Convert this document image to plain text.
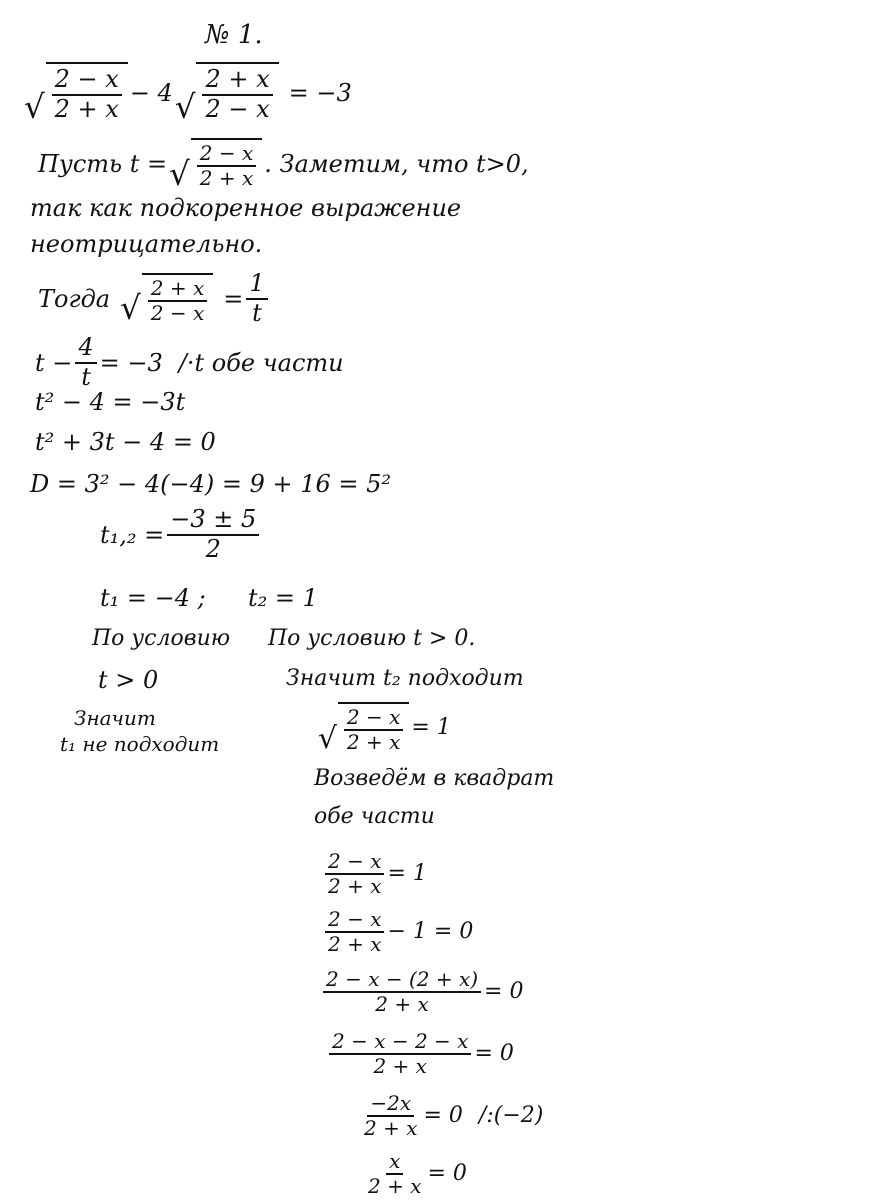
№ 1.
√ $\frac{2 - x}{2 + x} - 4$ √ $\frac{2 + x}{2 - x} = -3$
Пусть t = √ $\frac{2 - x}{2 + x}$ . Заметим, что t>0,
так как подкоренное выражение
неотрицательно.
Тогда √ $\frac{2 + x}{2 - x} = \frac{1}{t}$
$t - \frac{4}{t} = -3$ /·t обе части
t² − 4 = −3t
t² + 3t − 4 = 0
D = 3² − 4(−4) = 9 + 16 = 5²
$t_1,_2 = \frac{-3 \pm 5}{2}$
t₁ = −4 ; t₂ = 1
По условию
t > 0
Значит
t₁ не подходит
По условию t > 0.
Значит t₂ подходит
√ $\frac{2 - x}{2 + x} = 1$
Возведём в квадрат
обе части
$\frac{2 - x}{2 + x} = 1$
$\frac{2 - x}{2 + x} - 1 = 0$
$\frac{2 - x - (2 + x)}{2 + x} = 0$
$\frac{2 - x - 2 - x}{2 + x} = 0$
$\frac{-2x}{2 + x} = 0$ /:(−2)
$\frac{x}{2 + x} = 0$
